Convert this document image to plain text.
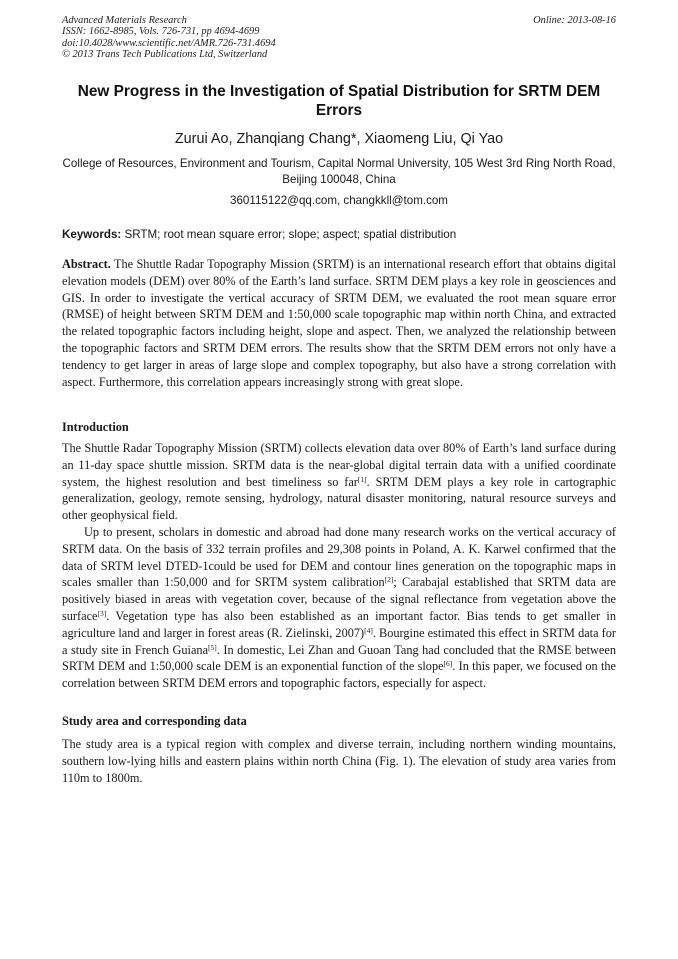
Advanced Materials Research
ISSN: 1662-8985, Vols. 726-731, pp 4694-4699
doi:10.4028/www.scientific.net/AMR.726-731.4694
© 2013 Trans Tech Publications Ltd, Switzerland
Online: 2013-08-16
New Progress in the Investigation of Spatial Distribution for SRTM DEM Errors
Zurui Ao, Zhanqiang Chang*, Xiaomeng Liu, Qi Yao
College of Resources, Environment and Tourism, Capital Normal University, 105 West 3rd Ring North Road, Beijing 100048, China
360115122@qq.com, changkkll@tom.com
Keywords: SRTM; root mean square error; slope; aspect; spatial distribution

Abstract. The Shuttle Radar Topography Mission (SRTM) is an international research effort that obtains digital elevation models (DEM) over 80% of the Earth’s land surface. SRTM DEM plays a key role in geosciences and GIS. In order to investigate the vertical accuracy of SRTM DEM, we evaluated the root mean square error (RMSE) of height between SRTM DEM and 1:50,000 scale topographic map within north China, and extracted the related topographic factors including height, slope and aspect. Then, we analyzed the relationship between the topographic factors and SRTM DEM errors. The results show that the SRTM DEM errors not only have a tendency to get larger in areas of large slope and complex topography, but also have a strong correlation with aspect. Furthermore, this correlation appears increasingly strong with great slope.

Introduction

The Shuttle Radar Topography Mission (SRTM) collects elevation data over 80% of Earth’s land surface during an 11-day space shuttle mission. SRTM data is the near-global digital terrain data with a unified coordinate system, the highest resolution and best timeliness so far[1]. SRTM DEM plays a key role in cartographic generalization, geology, remote sensing, hydrology, natural disaster monitoring, natural resource surveys and other geophysical field.

Up to present, scholars in domestic and abroad had done many research works on the vertical accuracy of SRTM data. On the basis of 332 terrain profiles and 29,308 points in Poland, A. K. Karwel confirmed that the data of SRTM level DTED-1could be used for DEM and contour lines generation on the topographic maps in scales smaller than 1:50,000 and for SRTM system calibration[2]; Carabajal established that SRTM data are positively biased in areas with vegetation cover, because of the signal reflectance from vegetation above the surface[3]. Vegetation type has also been established as an important factor. Bias tends to get smaller in agriculture land and larger in forest areas (R. Zielinski, 2007)[4]. Bourgine estimated this effect in SRTM data for a study site in French Guiana[5]. In domestic, Lei Zhan and Guoan Tang had concluded that the RMSE between SRTM DEM and 1:50,000 scale DEM is an exponential function of the slope[6]. In this paper, we focused on the correlation between SRTM DEM errors and topographic factors, especially for aspect.

Study area and corresponding data

The study area is a typical region with complex and diverse terrain, including northern winding mountains, southern low-lying hills and eastern plains within north China (Fig. 1). The elevation of study area varies from 110m to 1800m.
